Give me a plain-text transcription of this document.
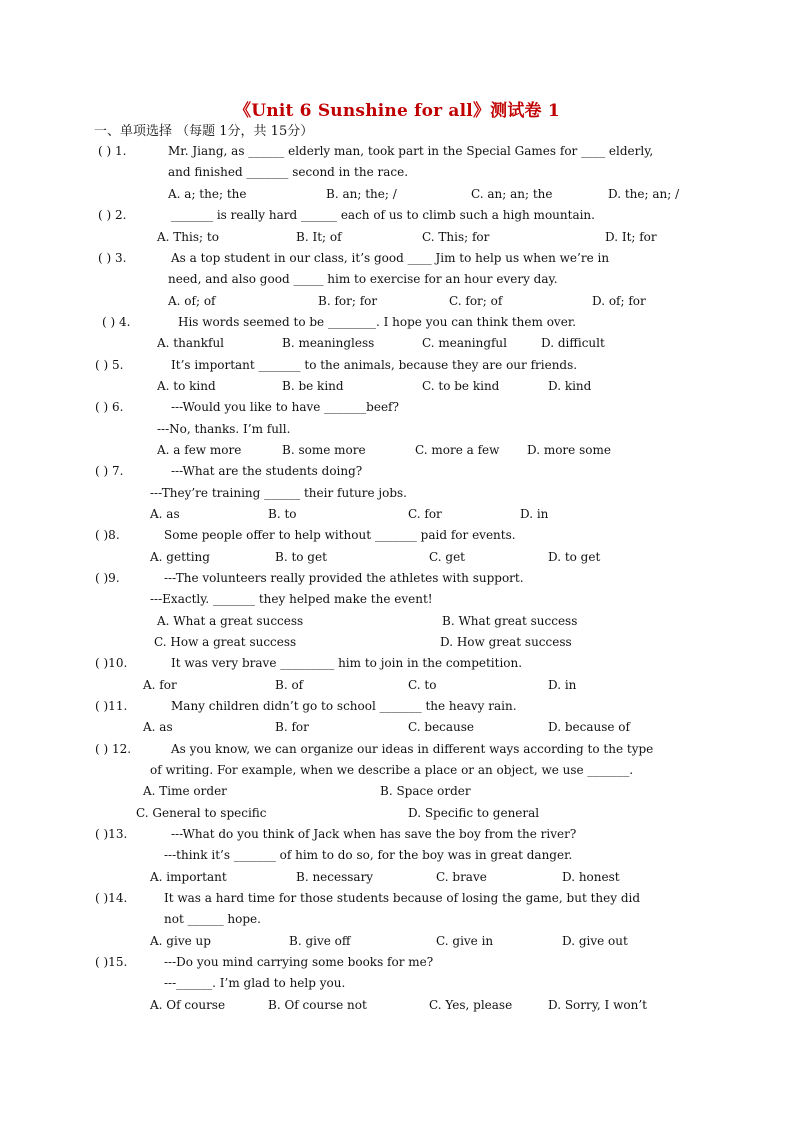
《Unit 6 Sunshine for all》测试卷 1
一、单项选择 （每题 1分，共 15分）
( ) 1.	Mr. Jiang, as ______ elderly man, took part in the Special Games for ____ elderly,
and finished _______ second in the race.
A. a; the; the	B. an; the; /	C. an; an; the	D. the; an; /
( ) 2.	_______ is really hard ______ each of us to climb such a high mountain.
A. This; to	B. It; of	C. This; for	D. It; for
( ) 3.	As a top student in our class, it’s good ____ Jim to help us when we’re in
need, and also good _____ him to exercise for an hour every day.
A. of; of	B. for; for	C. for; of	D. of; for
( ) 4.	His words seemed to be ________. I hope you can think them over.
A. thankful	B. meaningless	C. meaningful	D. difficult
( ) 5.	It’s important _______ to the animals, because they are our friends.
A. to kind	B. be kind	C. to be kind	D. kind
( ) 6.	---Would you like to have _______beef?
---No, thanks. I’m full.
A. a few more	B. some more	C. more a few D. more some
( ) 7.	---What are the students doing?
---They’re training ______ their future jobs.
A. as	B. to	C. for	D. in
( )8.	Some people offer to help without _______ paid for events.
A. getting	B. to get	C. get	D. to get
( )9.	---The volunteers really provided the athletes with support.
---Exactly. _______ they helped make the event!
A. What a great success	B. What great success
C. How a great success	D. How great success
( )10.	It was very brave _________ him to join in the competition.
A. for	B. of	C. to	D. in
( )11.	Many children didn’t go to school _______ the heavy rain.
A. as	B. for	C. because	D. because of
( ) 12.	As you know, we can organize our ideas in different ways according to the type
of writing. For example, when we describe a place or an object, we use _______.
A. Time order	B. Space order
C. General to specific	D. Specific to general
( )13.	---What do you think of Jack when has save the boy from the river?
---think it’s _______ of him to do so, for the boy was in great danger.
A. important	B. necessary	C. brave	D. honest
( )14.	It was a hard time for those students because of losing the game, but they did
not ______ hope.
A. give up	B. give off	C. give in	D. give out
( )15.	---Do you mind carrying some books for me?
---______. I’m glad to help you.
A. Of course	B. Of course not	C. Yes, please	D. Sorry, I won’t
